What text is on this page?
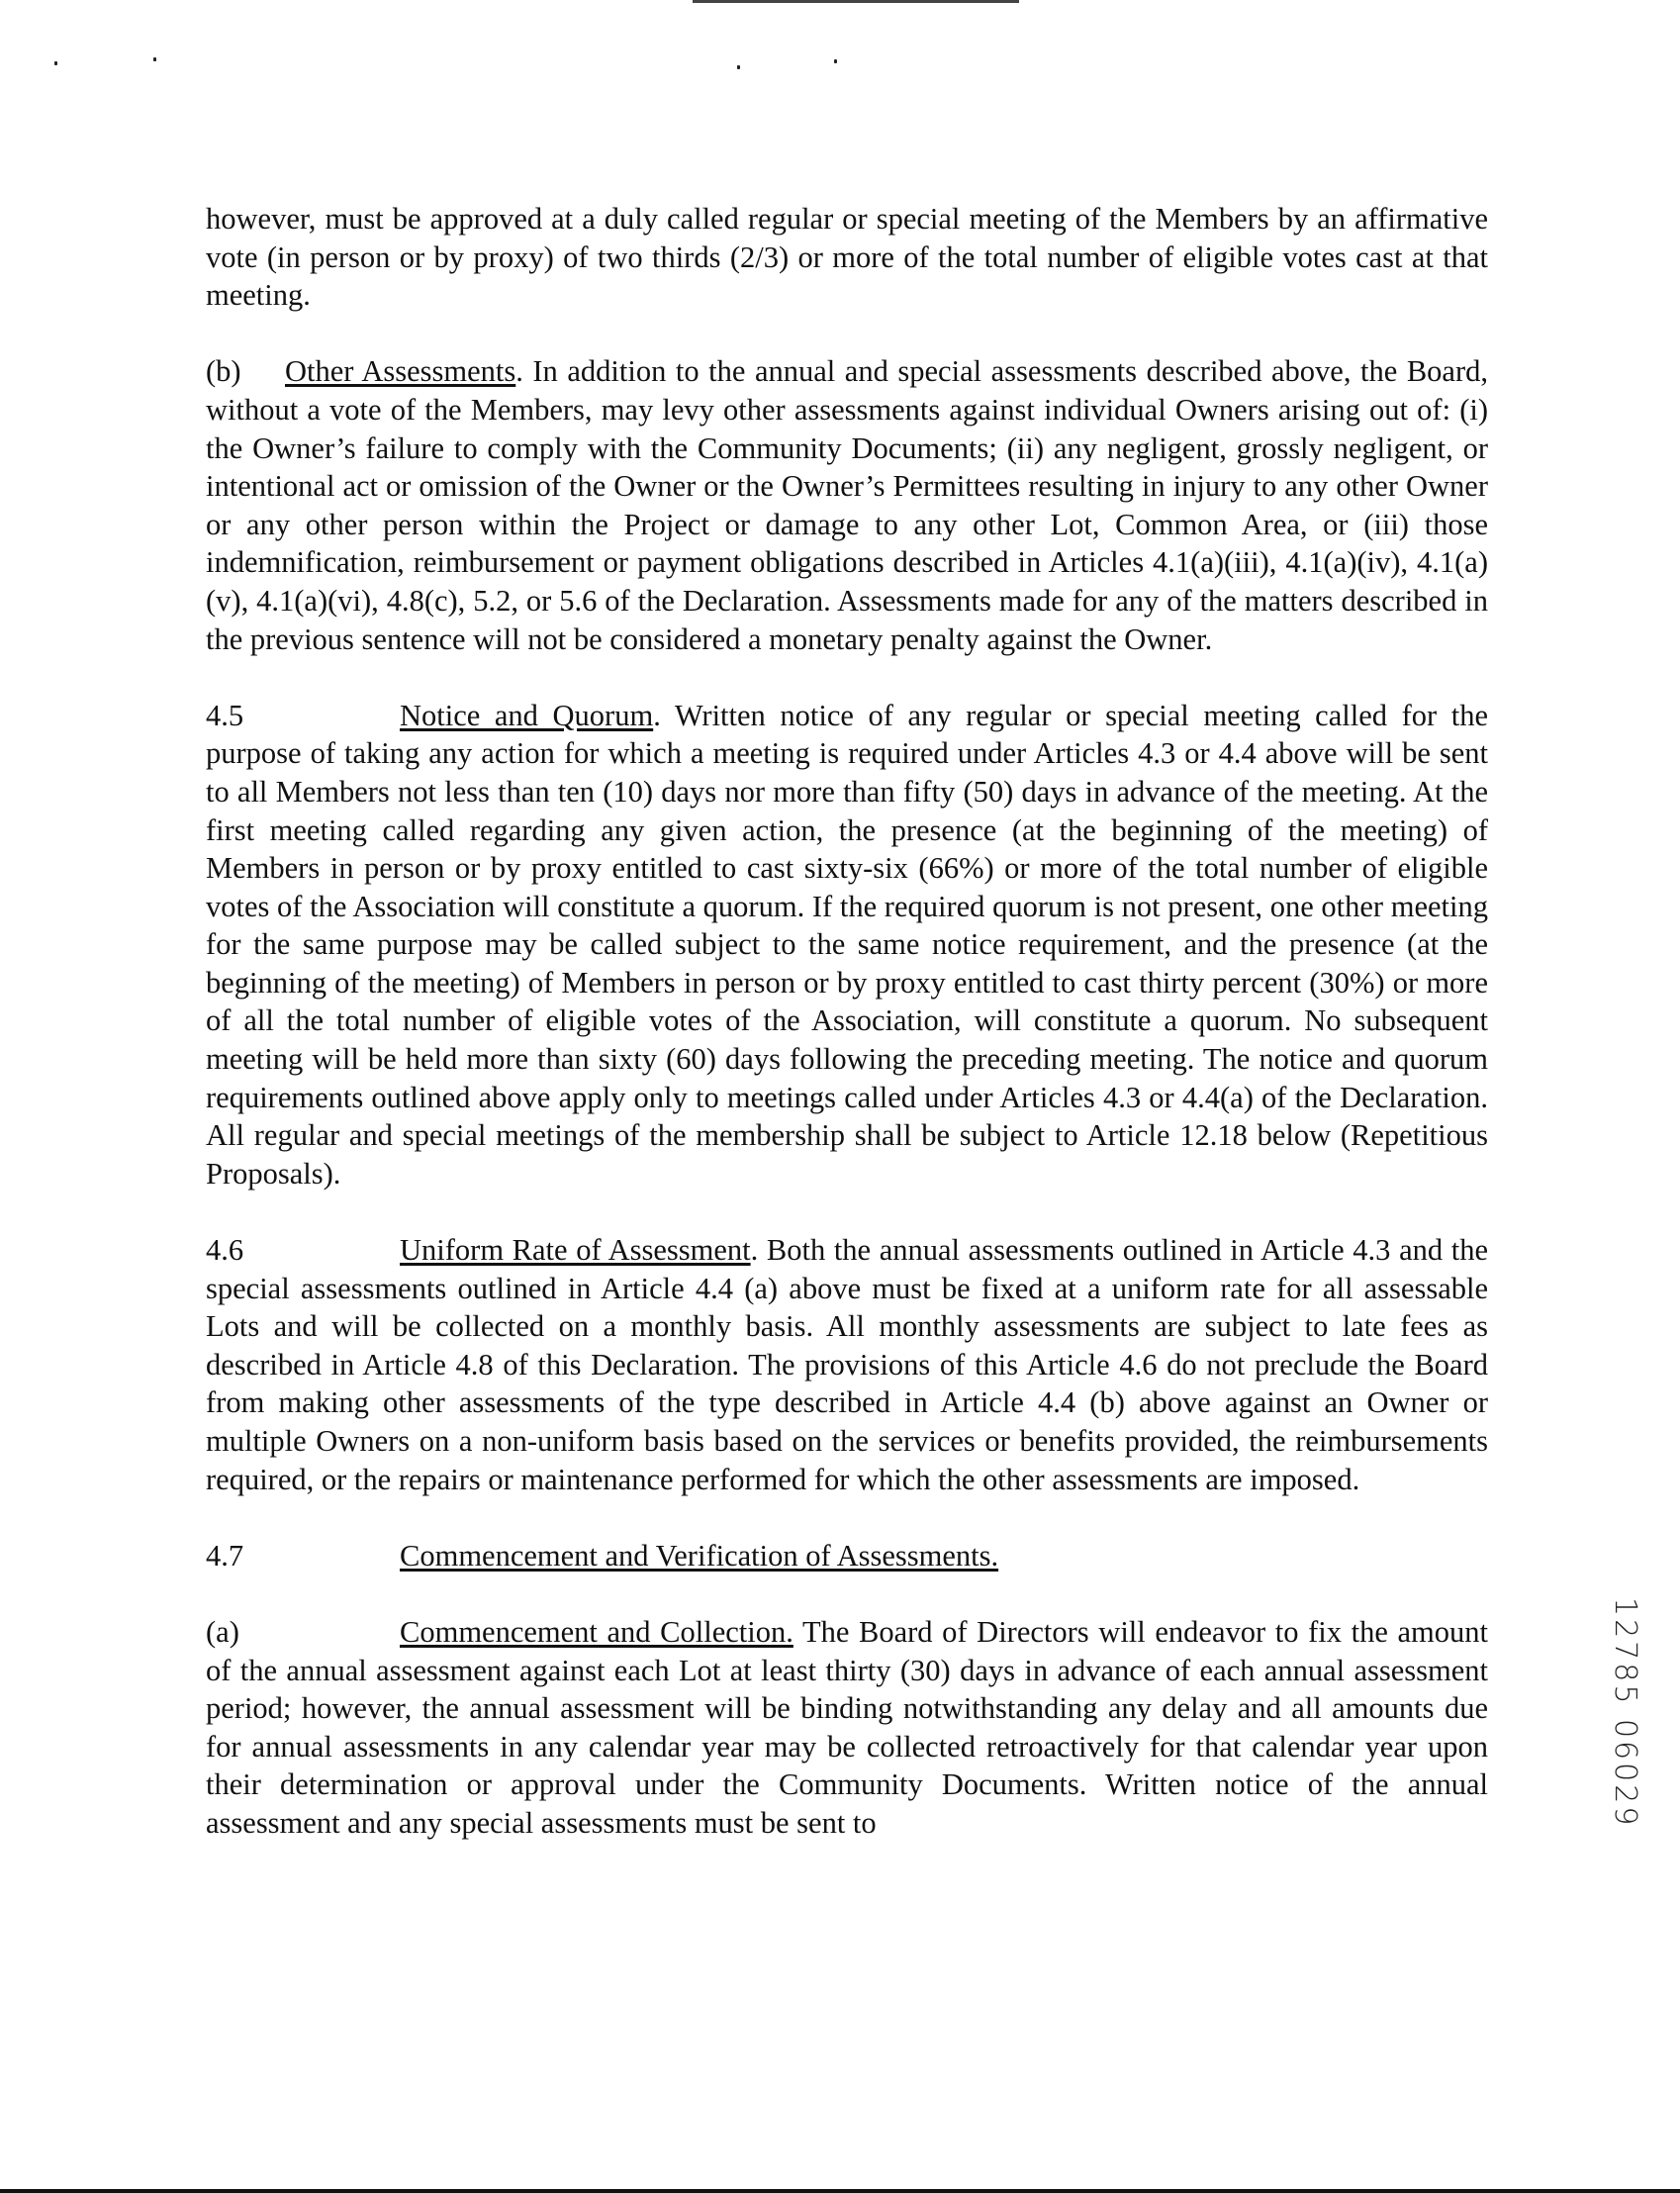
however, must be approved at a duly called regular or special meeting of the Members by an affirmative vote (in person or by proxy) of two thirds (2/3) or more of the total number of eligible votes cast at that meeting.

(b) Other Assessments. In addition to the annual and special assessments described above, the Board, without a vote of the Members, may levy other assessments against individual Owners arising out of: (i) the Owner’s failure to comply with the Community Documents; (ii) any negligent, grossly negligent, or intentional act or omission of the Owner or the Owner’s Permittees resulting in injury to any other Owner or any other person within the Project or damage to any other Lot, Common Area, or (iii) those indemnification, reimbursement or payment obligations described in Articles 4.1(a)(iii), 4.1(a)(iv), 4.1(a)(v), 4.1(a)(vi), 4.8(c), 5.2, or 5.6 of the Declaration. Assessments made for any of the matters described in the previous sentence will not be considered a monetary penalty against the Owner.

4.5	Notice and Quorum. Written notice of any regular or special meeting called for the purpose of taking any action for which a meeting is required under Articles 4.3 or 4.4 above will be sent to all Members not less than ten (10) days nor more than fifty (50) days in advance of the meeting. At the first meeting called regarding any given action, the presence (at the beginning of the meeting) of Members in person or by proxy entitled to cast sixty-six (66%) or more of the total number of eligible votes of the Association will constitute a quorum. If the required quorum is not present, one other meeting for the same purpose may be called subject to the same notice requirement, and the presence (at the beginning of the meeting) of Members in person or by proxy entitled to cast thirty percent (30%) or more of all the total number of eligible votes of the Association, will constitute a quorum. No subsequent meeting will be held more than sixty (60) days following the preceding meeting. The notice and quorum requirements outlined above apply only to meetings called under Articles 4.3 or 4.4(a) of the Declaration. All regular and special meetings of the membership shall be subject to Article 12.18 below (Repetitious Proposals).

4.6	Uniform Rate of Assessment. Both the annual assessments outlined in Article 4.3 and the special assessments outlined in Article 4.4 (a) above must be fixed at a uniform rate for all assessable Lots and will be collected on a monthly basis. All monthly assessments are subject to late fees as described in Article 4.8 of this Declaration. The provisions of this Article 4.6 do not preclude the Board from making other assessments of the type described in Article 4.4 (b) above against an Owner or multiple Owners on a non-uniform basis based on the services or benefits provided, the reimbursements required, or the repairs or maintenance performed for which the other assessments are imposed.

4.7	Commencement and Verification of Assessments.

(a)	Commencement and Collection. The Board of Directors will endeavor to fix the amount of the annual assessment against each Lot at least thirty (30) days in advance of each annual assessment period; however, the annual assessment will be binding notwithstanding any delay and all amounts due for annual assessments in any calendar year may be collected retroactively for that calendar year upon their determination or approval under the Community Documents. Written notice of the annual assessment and any special assessments must be sent to	12785 06029
